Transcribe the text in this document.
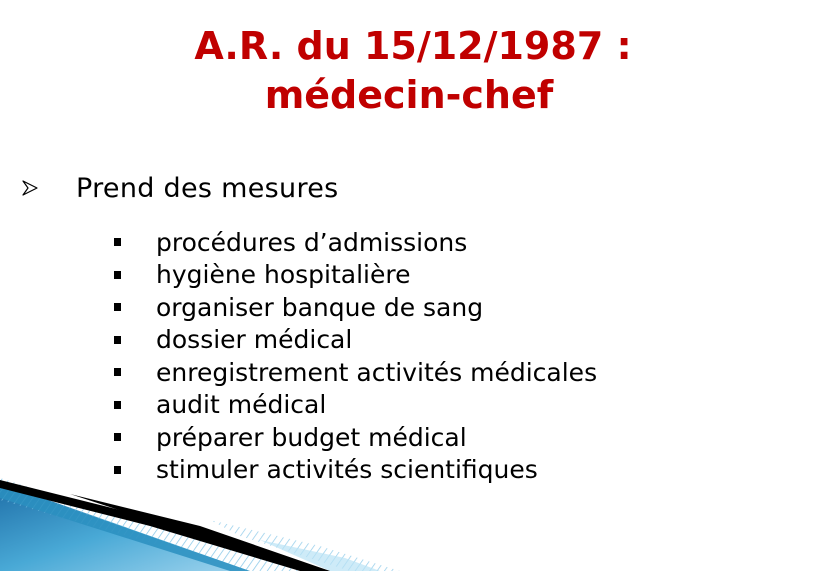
A.R. du 15/12/1987 :
médecin-chef
Prend des mesures
procédures d’admissions
hygiène hospitalière
organiser banque de sang
dossier médical
enregistrement activités médicales
audit médical
préparer budget médical
stimuler activités scientifiques
